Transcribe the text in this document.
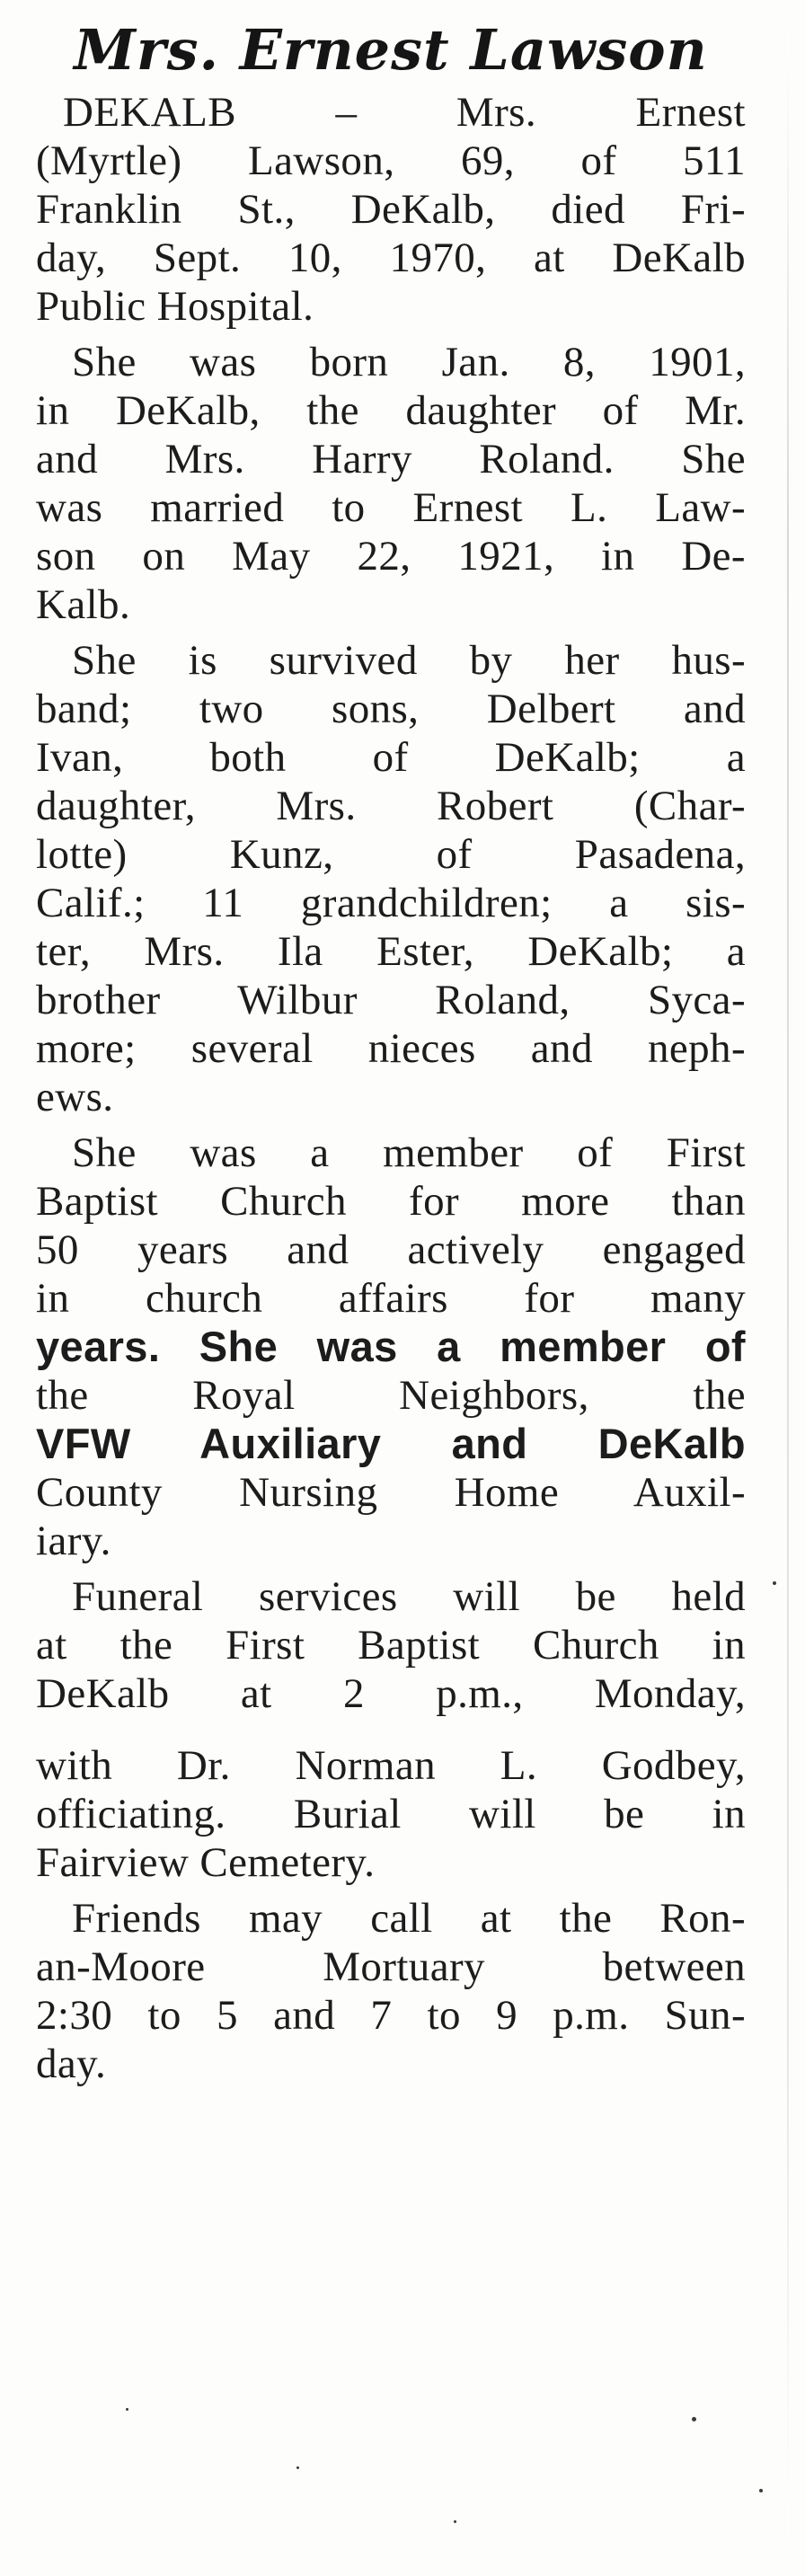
Mrs. Ernest Lawson
DEKALB – Mrs. Ernest
(Myrtle) Lawson, 69, of 511
Franklin St., DeKalb, died Fri-
day, Sept. 10, 1970, at DeKalb
Public Hospital.
She was born Jan. 8, 1901,
in DeKalb, the daughter of Mr.
and Mrs. Harry Roland. She
was married to Ernest L. Law-
son on May 22, 1921, in De-
Kalb.
She is survived by her hus-
band; two sons, Delbert and
Ivan, both of DeKalb; a
daughter, Mrs. Robert (Char-
lotte) Kunz, of Pasadena,
Calif.; 11 grandchildren; a sis-
ter, Mrs. Ila Ester, DeKalb; a
brother Wilbur Roland, Syca-
more; several nieces and neph-
ews.
She was a member of First
Baptist Church for more than
50 years and actively engaged
in church affairs for many
years. She was a member of
the Royal Neighbors, the
VFW Auxiliary and DeKalb
County Nursing Home Auxil-
iary.
Funeral services will be held
at the First Baptist Church in
DeKalb at 2 p.m., Monday,
with Dr. Norman L. Godbey,
officiating. Burial will be in
Fairview Cemetery.
Friends may call at the Ron-
an-Moore Mortuary between
2:30 to 5 and 7 to 9 p.m. Sun-
day.
